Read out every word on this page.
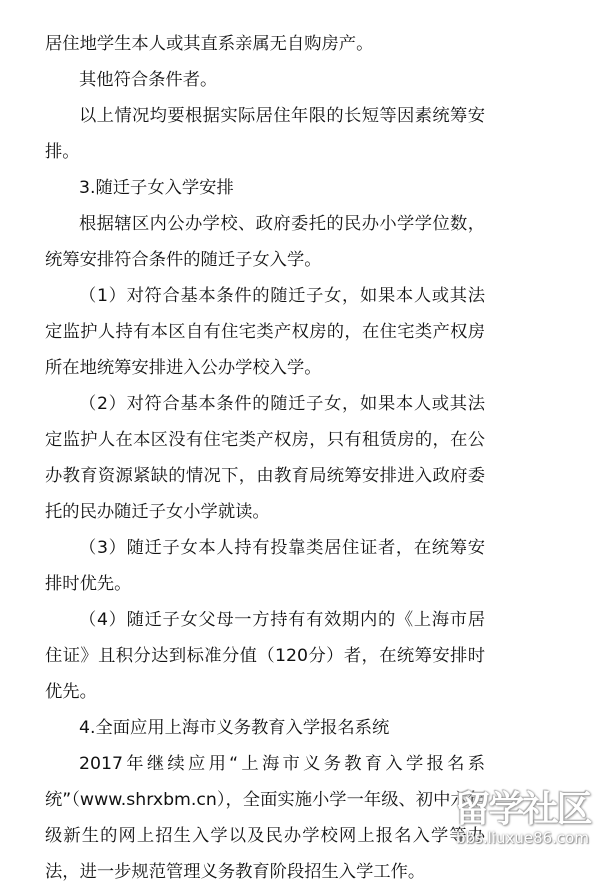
居住地学生本人或其直系亲属无自购房产。

其他符合条件者。

以上情况均要根据实际居住年限的长短等因素统筹安排。

3.随迁子女入学安排

根据辖区内公办学校、政府委托的民办小学学位数，统筹安排符合条件的随迁子女入学。

（1）对符合基本条件的随迁子女，如果本人或其法定监护人持有本区自有住宅类产权房的，在住宅类产权房所在地统筹安排进入公办学校入学。

（2）对符合基本条件的随迁子女，如果本人或其法定监护人在本区没有住宅类产权房，只有租赁房的，在公办教育资源紧缺的情况下，由教育局统筹安排进入政府委托的民办随迁子女小学就读。

（3）随迁子女本人持有投靠类居住证者，在统筹安排时优先。

（4）随迁子女父母一方持有有效期内的《上海市居住证》且积分达到标准分值（120分）者，在统筹安排时优先。

4.全面应用上海市义务教育入学报名系统

2017年继续应用“上海市义务教育入学报名系统”（www.shrxbm.cn），全面实施小学一年级、初中六年级新生的网上招生入学以及民办学校网上报名入学等办法，进一步规范管理义务教育阶段招生入学工作。

留学社区
bbs.liuxue86.com
